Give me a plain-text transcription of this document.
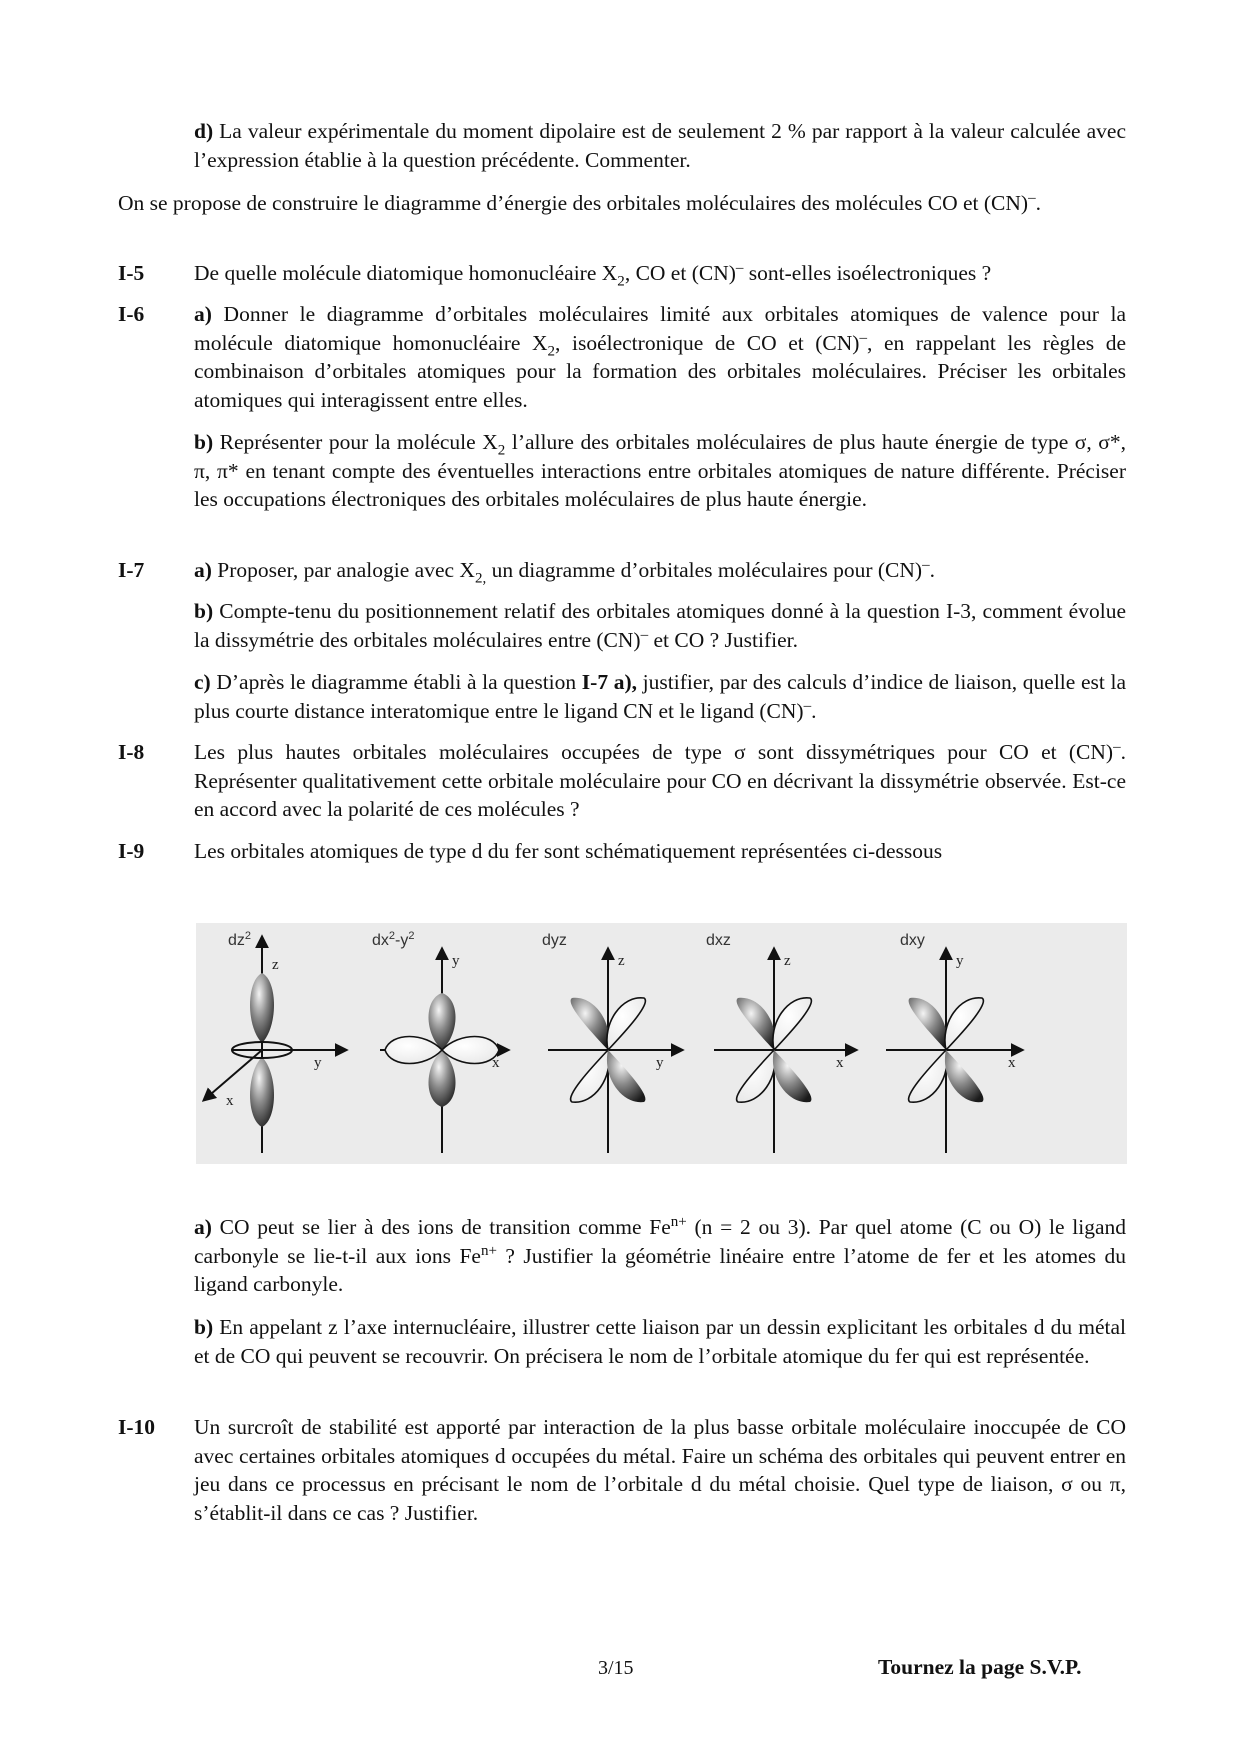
d) La valeur expérimentale du moment dipolaire est de seulement 2 % par rapport à la valeur calculée avec l’expression établie à la question précédente. Commenter.

On se propose de construire le diagramme d’énergie des orbitales moléculaires des molécules CO et (CN)–.

I-5 De quelle molécule diatomique homonucléaire $X_2$, CO et (CN)– sont-elles isoélectroniques ?

I-6 a) Donner le diagramme d’orbitales moléculaires limité aux orbitales atomiques de valence pour la molécule diatomique homonucléaire $X_2$, isoélectronique de CO et (CN)–, en rappelant les règles de combinaison d’orbitales atomiques pour la formation des orbitales moléculaires. Préciser les orbitales atomiques qui interagissent entre elles.

b) Représenter pour la molécule $X_2$ l’allure des orbitales moléculaires de plus haute énergie de type σ, σ*, π, π* en tenant compte des éventuelles interactions entre orbitales atomiques de nature différente. Préciser les occupations électroniques des orbitales moléculaires de plus haute énergie.

I-7 a) Proposer, par analogie avec $X_{2,}$ un diagramme d’orbitales moléculaires pour (CN)–.

b) Compte-tenu du positionnement relatif des orbitales atomiques donné à la question I-3, comment évolue la dissymétrie des orbitales moléculaires entre (CN)– et CO ? Justifier.

c) D’après le diagramme établi à la question I-7 a), justifier, par des calculs d’indice de liaison, quelle est la plus courte distance interatomique entre le ligand CN et le ligand (CN)–.

I-8 Les plus hautes orbitales moléculaires occupées de type σ sont dissymétriques pour CO et (CN)–. Représenter qualitativement cette orbitale moléculaire pour CO en décrivant la dissymétrie observée. Est-ce en accord avec la polarité de ces molécules ?

I-9 Les orbitales atomiques de type d du fer sont schématiquement représentées ci-dessous

$dz^2$
z
y
x
$dx^2-y^2$
y
x
dyz
z
y
dxz
z
x
dxy
y
x

a) CO peut se lier à des ions de transition comme $Fe^{n+}$ (n = 2 ou 3). Par quel atome (C ou O) le ligand carbonyle se lie-t-il aux ions $Fe^{n+}$ ? Justifier la géométrie linéaire entre l’atome de fer et les atomes du ligand carbonyle.

b) En appelant z l’axe internucléaire, illustrer cette liaison par un dessin explicitant les orbitales d du métal et de CO qui peuvent se recouvrir. On précisera le nom de l’orbitale atomique du fer qui est représentée.

I-10 Un surcroît de stabilité est apporté par interaction de la plus basse orbitale moléculaire inoccupée de CO avec certaines orbitales atomiques d occupées du métal. Faire un schéma des orbitales qui peuvent entrer en jeu dans ce processus en précisant le nom de l’orbitale d du métal choisie. Quel type de liaison, σ ou π, s’établit-il dans ce cas ? Justifier.

3/15	Tournez la page S.V.P.
